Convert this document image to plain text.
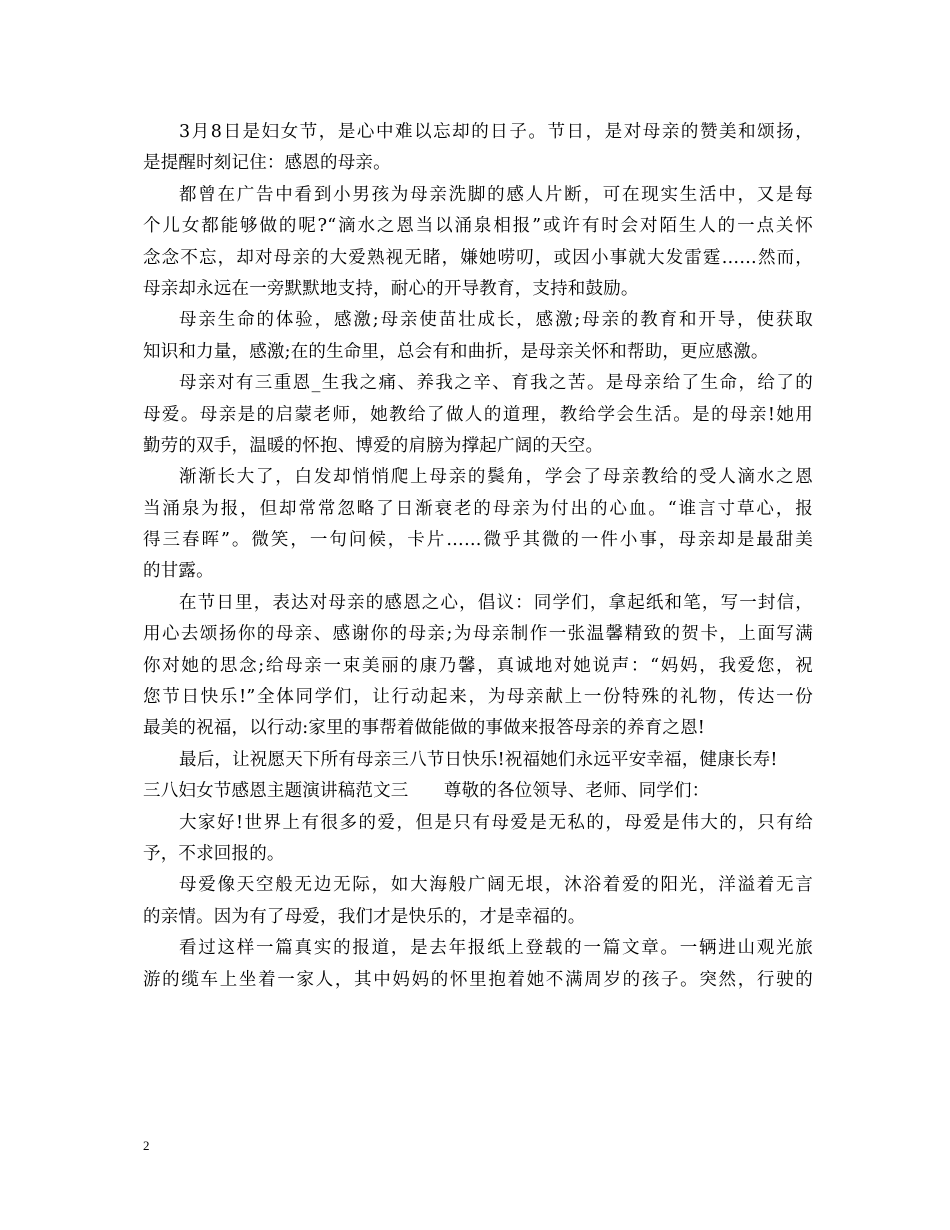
3月8日是妇女节，是心中难以忘却的日子。节日，是对母亲的赞美和颂扬，
是提醒时刻记住：感恩的母亲。
都曾在广告中看到小男孩为母亲洗脚的感人片断，可在现实生活中，又是每
个儿女都能够做的呢?“滴水之恩当以涌泉相报”或许有时会对陌生人的一点关怀
念念不忘，却对母亲的大爱熟视无睹，嫌她唠叨，或因小事就大发雷霆……然而，
母亲却永远在一旁默默地支持，耐心的开导教育，支持和鼓励。
母亲生命的体验，感激;母亲使苗壮成长，感激;母亲的教育和开导，使获取
知识和力量，感激;在的生命里，总会有和曲折，是母亲关怀和帮助，更应感激。
母亲对有三重恩_生我之痛、养我之辛、育我之苦。是母亲给了生命，给了的
母爱。母亲是的启蒙老师，她教给了做人的道理，教给学会生活。是的母亲!她用
勤劳的双手，温暖的怀抱、博爱的肩膀为撑起广阔的天空。
渐渐长大了，白发却悄悄爬上母亲的鬓角，学会了母亲教给的受人滴水之恩
当涌泉为报，但却常常忽略了日渐衰老的母亲为付出的心血。“谁言寸草心，报
得三春晖”。微笑，一句问候，卡片……微乎其微的一件小事，母亲却是最甜美
的甘露。
在节日里，表达对母亲的感恩之心，倡议：同学们，拿起纸和笔，写一封信，
用心去颂扬你的母亲、感谢你的母亲;为母亲制作一张温馨精致的贺卡，上面写满
你对她的思念;给母亲一束美丽的康乃馨，真诚地对她说声：“妈妈，我爱您，祝
您节日快乐!”全体同学们，让行动起来，为母亲献上一份特殊的礼物，传达一份
最美的祝福，以行动:家里的事帮着做能做的事做来报答母亲的养育之恩!
最后，让祝愿天下所有母亲三八节日快乐!祝福她们永远平安幸福，健康长寿!
三八妇女节感恩主题演讲稿范文三　　尊敬的各位领导、老师、同学们：
大家好!世界上有很多的爱，但是只有母爱是无私的，母爱是伟大的，只有给
予，不求回报的。
母爱像天空般无边无际，如大海般广阔无垠，沐浴着爱的阳光，洋溢着无言
的亲情。因为有了母爱，我们才是快乐的，才是幸福的。
看过这样一篇真实的报道，是去年报纸上登载的一篇文章。一辆进山观光旅
游的缆车上坐着一家人，其中妈妈的怀里抱着她不满周岁的孩子。突然，行驶的
2
